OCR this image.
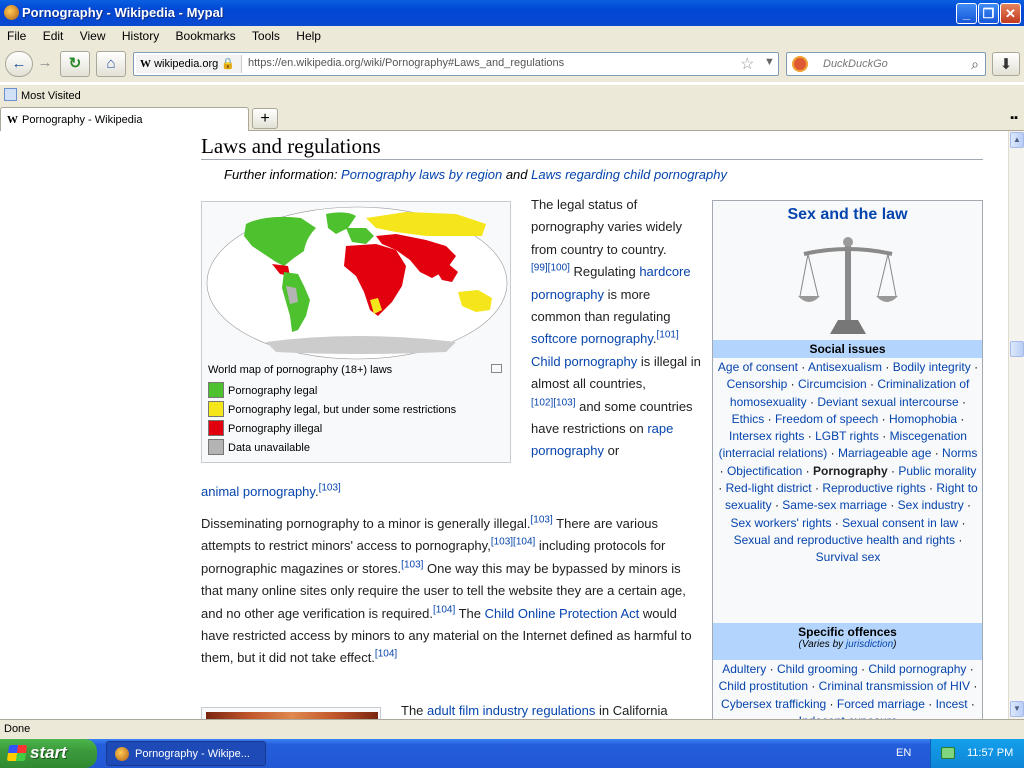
Pornography - Wikipedia - Mypal	_ ❐ ✕
File Edit View History Bookmarks Tools Help
← →	↻	⌂	W wikipedia.org 🔒	https://en.wikipedia.org/wiki/Pornography#Laws_and_regulations	☆ ▼	DuckDuckGo	⌕	⬇
Most Visited
W Pornography - Wikipedia	+	▪▪
Laws and regulations
Further information: Pornography laws by region and Laws regarding child pornography
World map of pornography (18+) laws
Pornography legal
Pornography legal, but under some restrictions
Pornography illegal
Data unavailable
The legal status of pornography varies widely from country to country.
[99][100] Regulating hardcore pornography is more common than regulating softcore pornography.[101] Child pornography is illegal in almost all countries,
[102][103] and some countries have restrictions on rape pornography or
animal pornography.[103]
Disseminating pornography to a minor is generally illegal.[103] There are various attempts to restrict minors' access to pornography,[103][104] including protocols for pornographic magazines or stores.[103] One way this may be bypassed by minors is that many online sites only require the user to tell the website they are a certain age, and no other age verification is required.[104] The Child Online Protection Act would have restricted access by minors to any material on the Internet defined as harmful to them, but it did not take effect.[104]
The adult film industry regulations in California
Sex and the law
Social issues
Age of consent · Antisexualism · Bodily integrity · Censorship · Circumcision · Criminalization of homosexuality · Deviant sexual intercourse · Ethics · Freedom of speech · Homophobia · Intersex rights · LGBT rights · Miscegenation (interracial relations) · Marriageable age · Norms · Objectification · Pornography · Public morality · Red-light district · Reproductive rights · Right to sexuality · Same-sex marriage · Sex industry · Sex workers' rights · Sexual consent in law · Sexual and reproductive health and rights · Survival sex
Specific offences
(Varies by jurisdiction)
Adultery · Child grooming · Child pornography · Child prostitution · Criminal transmission of HIV · Cybersex trafficking · Forced marriage · Incest ·
▲
▼
Done
start	Pornography - Wikipe...	EN	11:57 PM
